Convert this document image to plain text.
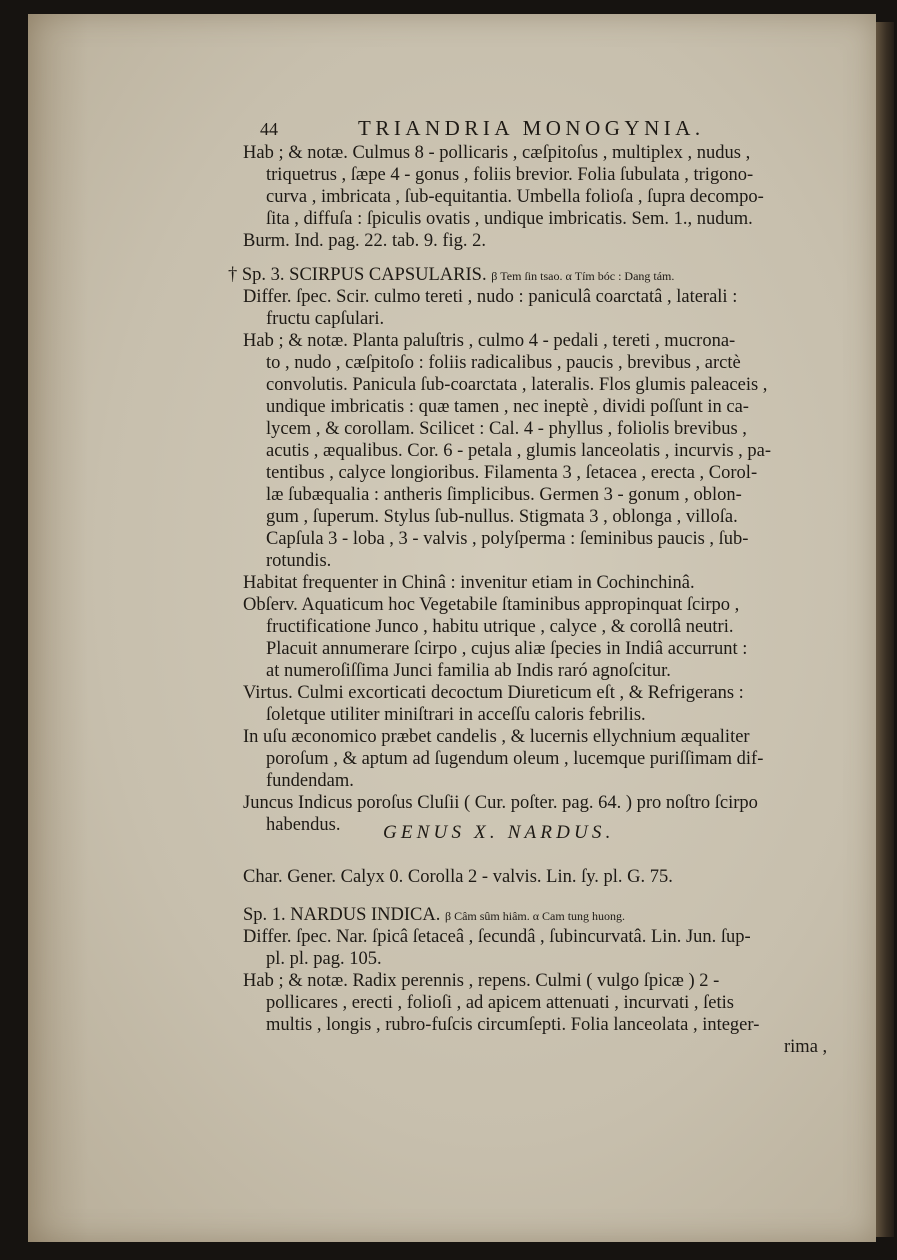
44	TRIANDRIA MONOGYNIA.
Hab ; & notæ. Culmus 8 - pollicaris , cæſpitoſus , multiplex , nudus ,
triquetrus , ſæpe 4 - gonus , foliis brevior. Folia ſubulata , trigono-
curva , imbricata , ſub-equitantia. Umbella folioſa , ſupra decompo-
ſita , diffuſa : ſpiculis ovatis , undique imbricatis. Sem. 1., nudum.
Burm. Ind. pag. 22. tab. 9. fig. 2.
† Sp. 3. SCIRPUS CAPSULARIS. β Tem ſin tsao. α Tím bóc : Dang tám.
Differ. ſpec. Scir. culmo tereti , nudo : paniculâ coarctatâ , laterali :
fructu capſulari.
Hab ; & notæ. Planta paluſtris , culmo 4 - pedali , tereti , mucrona-
to , nudo , cæſpitoſo : foliis radicalibus , paucis , brevibus , arctè
convolutis. Panicula ſub-coarctata , lateralis. Flos glumis paleaceis ,
undique imbricatis : quæ tamen , nec ineptè , dividi poſſunt in ca-
lycem , & corollam. Scilicet : Cal. 4 - phyllus , foliolis brevibus ,
acutis , æqualibus. Cor. 6 - petala , glumis lanceolatis , incurvis , pa-
tentibus , calyce longioribus. Filamenta 3 , ſetacea , erecta , Corol-
læ ſubæqualia : antheris ſimplicibus. Germen 3 - gonum , oblon-
gum , ſuperum. Stylus ſub-nullus. Stigmata 3 , oblonga , villoſa.
Capſula 3 - loba , 3 - valvis , polyſperma : ſeminibus paucis , ſub-
rotundis.
Habitat frequenter in Chinâ : invenitur etiam in Cochinchinâ.
Obſerv. Aquaticum hoc Vegetabile ſtaminibus appropinquat ſcirpo ,
fructificatione Junco , habitu utrique , calyce , & corollâ neutri.
Placuit annumerare ſcirpo , cujus aliæ ſpecies in Indiâ accurrunt :
at numeroſiſſima Junci familia ab Indis raró agnoſcitur.
Virtus. Culmi excorticati decoctum Diureticum eſt , & Refrigerans :
ſoletque utiliter miniſtrari in acceſſu caloris febrilis.
In uſu æconomico præbet candelis , & lucernis ellychnium æqualiter
poroſum , & aptum ad ſugendum oleum , lucemque puriſſimam dif-
fundendam.
Juncus Indicus poroſus Cluſii ( Cur. poſter. pag. 64. ) pro noſtro ſcirpo
habendus. GENUS X. NARDUS.
Char. Gener. Calyx 0. Corolla 2 - valvis. Lin. ſy. pl. G. 75.
Sp. 1. NARDUS INDICA. β Câm sûm hiâm. α Cam tung huong.
Differ. ſpec. Nar. ſpicâ ſetaceâ , ſecundâ , ſubincurvatâ. Lin. Jun. ſup-
pl. pl. pag. 105.
Hab ; & notæ. Radix perennis , repens. Culmi ( vulgo ſpicæ ) 2 -
pollicares , erecti , folioſi , ad apicem attenuati , incurvati , ſetis
multis , longis , rubro-fuſcis circumſepti. Folia lanceolata , integer-
rima ,
